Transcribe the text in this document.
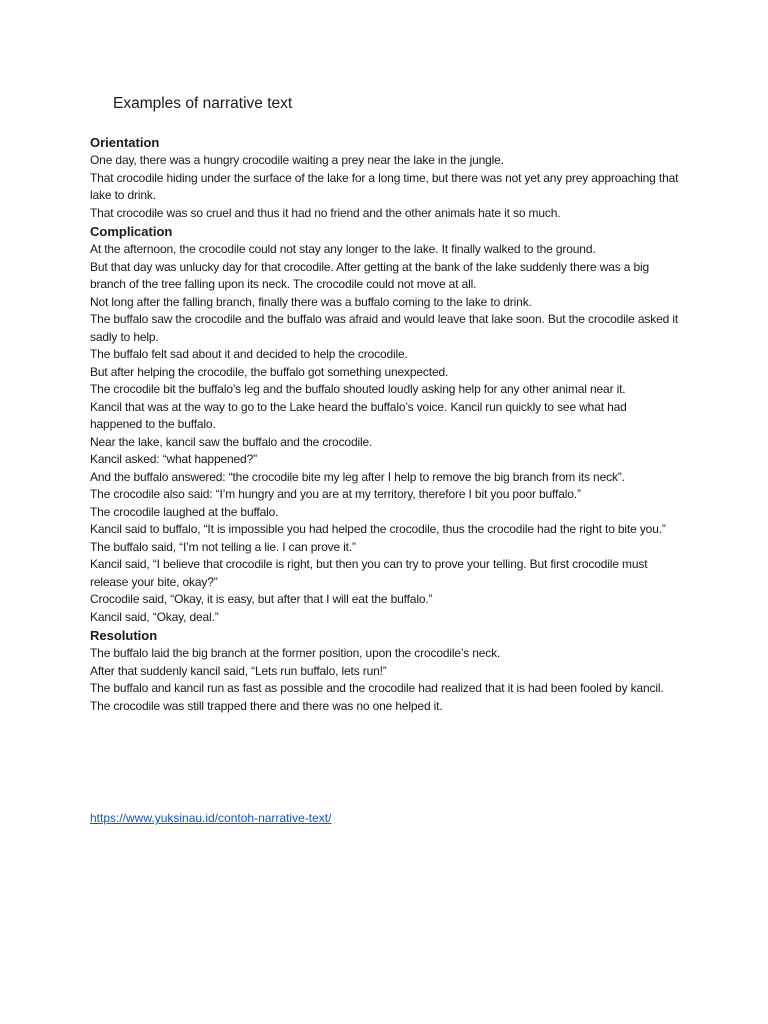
Examples of narrative text

Orientation

One day, there was a hungry crocodile waiting a prey near the lake in the jungle.

That crocodile hiding under the surface of the lake for a long time, but there was not yet any prey approaching that lake to drink.

That crocodile was so cruel and thus it had no friend and the other animals hate it so much.

Complication

At the afternoon, the crocodile could not stay any longer to the lake. It finally walked to the ground.

But that day was unlucky day for that crocodile. After getting at the bank of the lake suddenly there was a big branch of the tree falling upon its neck. The crocodile could not move at all.

Not long after the falling branch, finally there was a buffalo coming to the lake to drink.

The buffalo saw the crocodile and the buffalo was afraid and would leave that lake soon. But the crocodile asked it sadly to help.

The buffalo felt sad about it and decided to help the crocodile.

But after helping the crocodile, the buffalo got something unexpected.

The crocodile bit the buffalo’s leg and the buffalo shouted loudly asking help for any other animal near it.

Kancil that was at the way to go to the Lake heard the buffalo’s voice. Kancil run quickly to see what had happened to the buffalo.

Near the lake, kancil saw the buffalo and the crocodile.

Kancil asked: “what happened?”

And the buffalo answered: “the crocodile bite my leg after I help to remove the big branch from its neck”.

The crocodile also said: “I’m hungry and you are at my territory, therefore I bit you poor buffalo.”

The crocodile laughed at the buffalo.

Kancil said to buffalo, “It is impossible you had helped the crocodile, thus the crocodile had the right to bite you.”

The buffalo said, “I’m not telling a lie. I can prove it.”

Kancil said, “I believe that crocodile is right, but then you can try to prove your telling. But first crocodile must release your bite, okay?”

Crocodile said, “Okay, it is easy, but after that I will eat the buffalo.”

Kancil said, “Okay, deal.”

Resolution

The buffalo laid the big branch at the former position, upon the crocodile’s neck.

After that suddenly kancil said, “Lets run buffalo, lets run!”

The buffalo and kancil run as fast as possible and the crocodile had realized that it is had been fooled by kancil.

The crocodile was still trapped there and there was no one helped it.

https://www.yuksinau.id/contoh-narrative-text/
